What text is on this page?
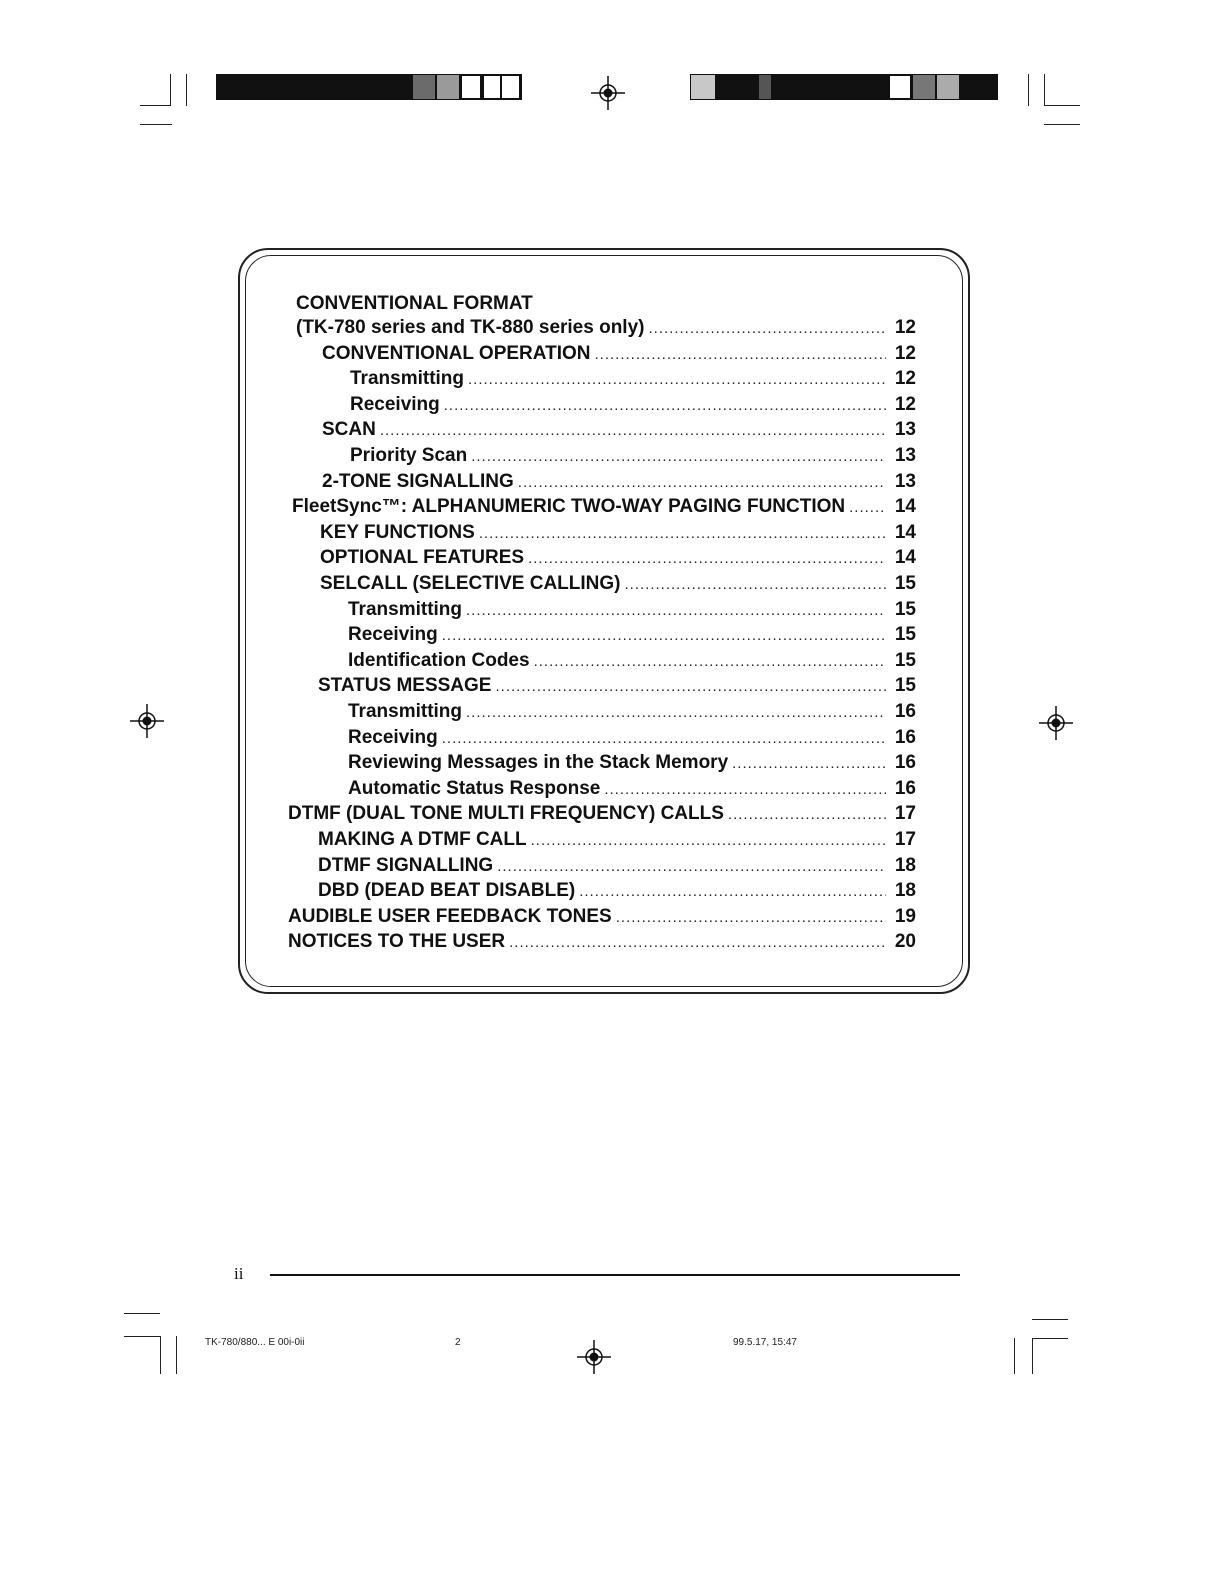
CONVENTIONAL FORMAT
(TK-780 series and TK-880 series only) .....	12
CONVENTIONAL OPERATION .....	12
Transmitting .....	12
Receiving .....	12
SCAN .....	13
Priority Scan .....	13
2-TONE SIGNALLING .....	13
FleetSync™: ALPHANUMERIC TWO-WAY PAGING FUNCTION .....	14
KEY FUNCTIONS .....	14
OPTIONAL FEATURES .....	14
SELCALL (SELECTIVE CALLING) .....	15
Transmitting .....	15
Receiving .....	15
Identification Codes .....	15
STATUS MESSAGE .....	15
Transmitting .....	16
Receiving .....	16
Reviewing Messages in the Stack Memory .....	16
Automatic Status Response .....	16
DTMF (DUAL TONE MULTI FREQUENCY) CALLS .....	17
MAKING A DTMF CALL .....	17
DTMF SIGNALLING .....	18
DBD (DEAD BEAT DISABLE) .....	18
AUDIBLE USER FEEDBACK TONES .....	19
NOTICES TO THE USER .....	20
ii
TK-780/880... E 00i-0ii	2	99.5.17, 15:47
